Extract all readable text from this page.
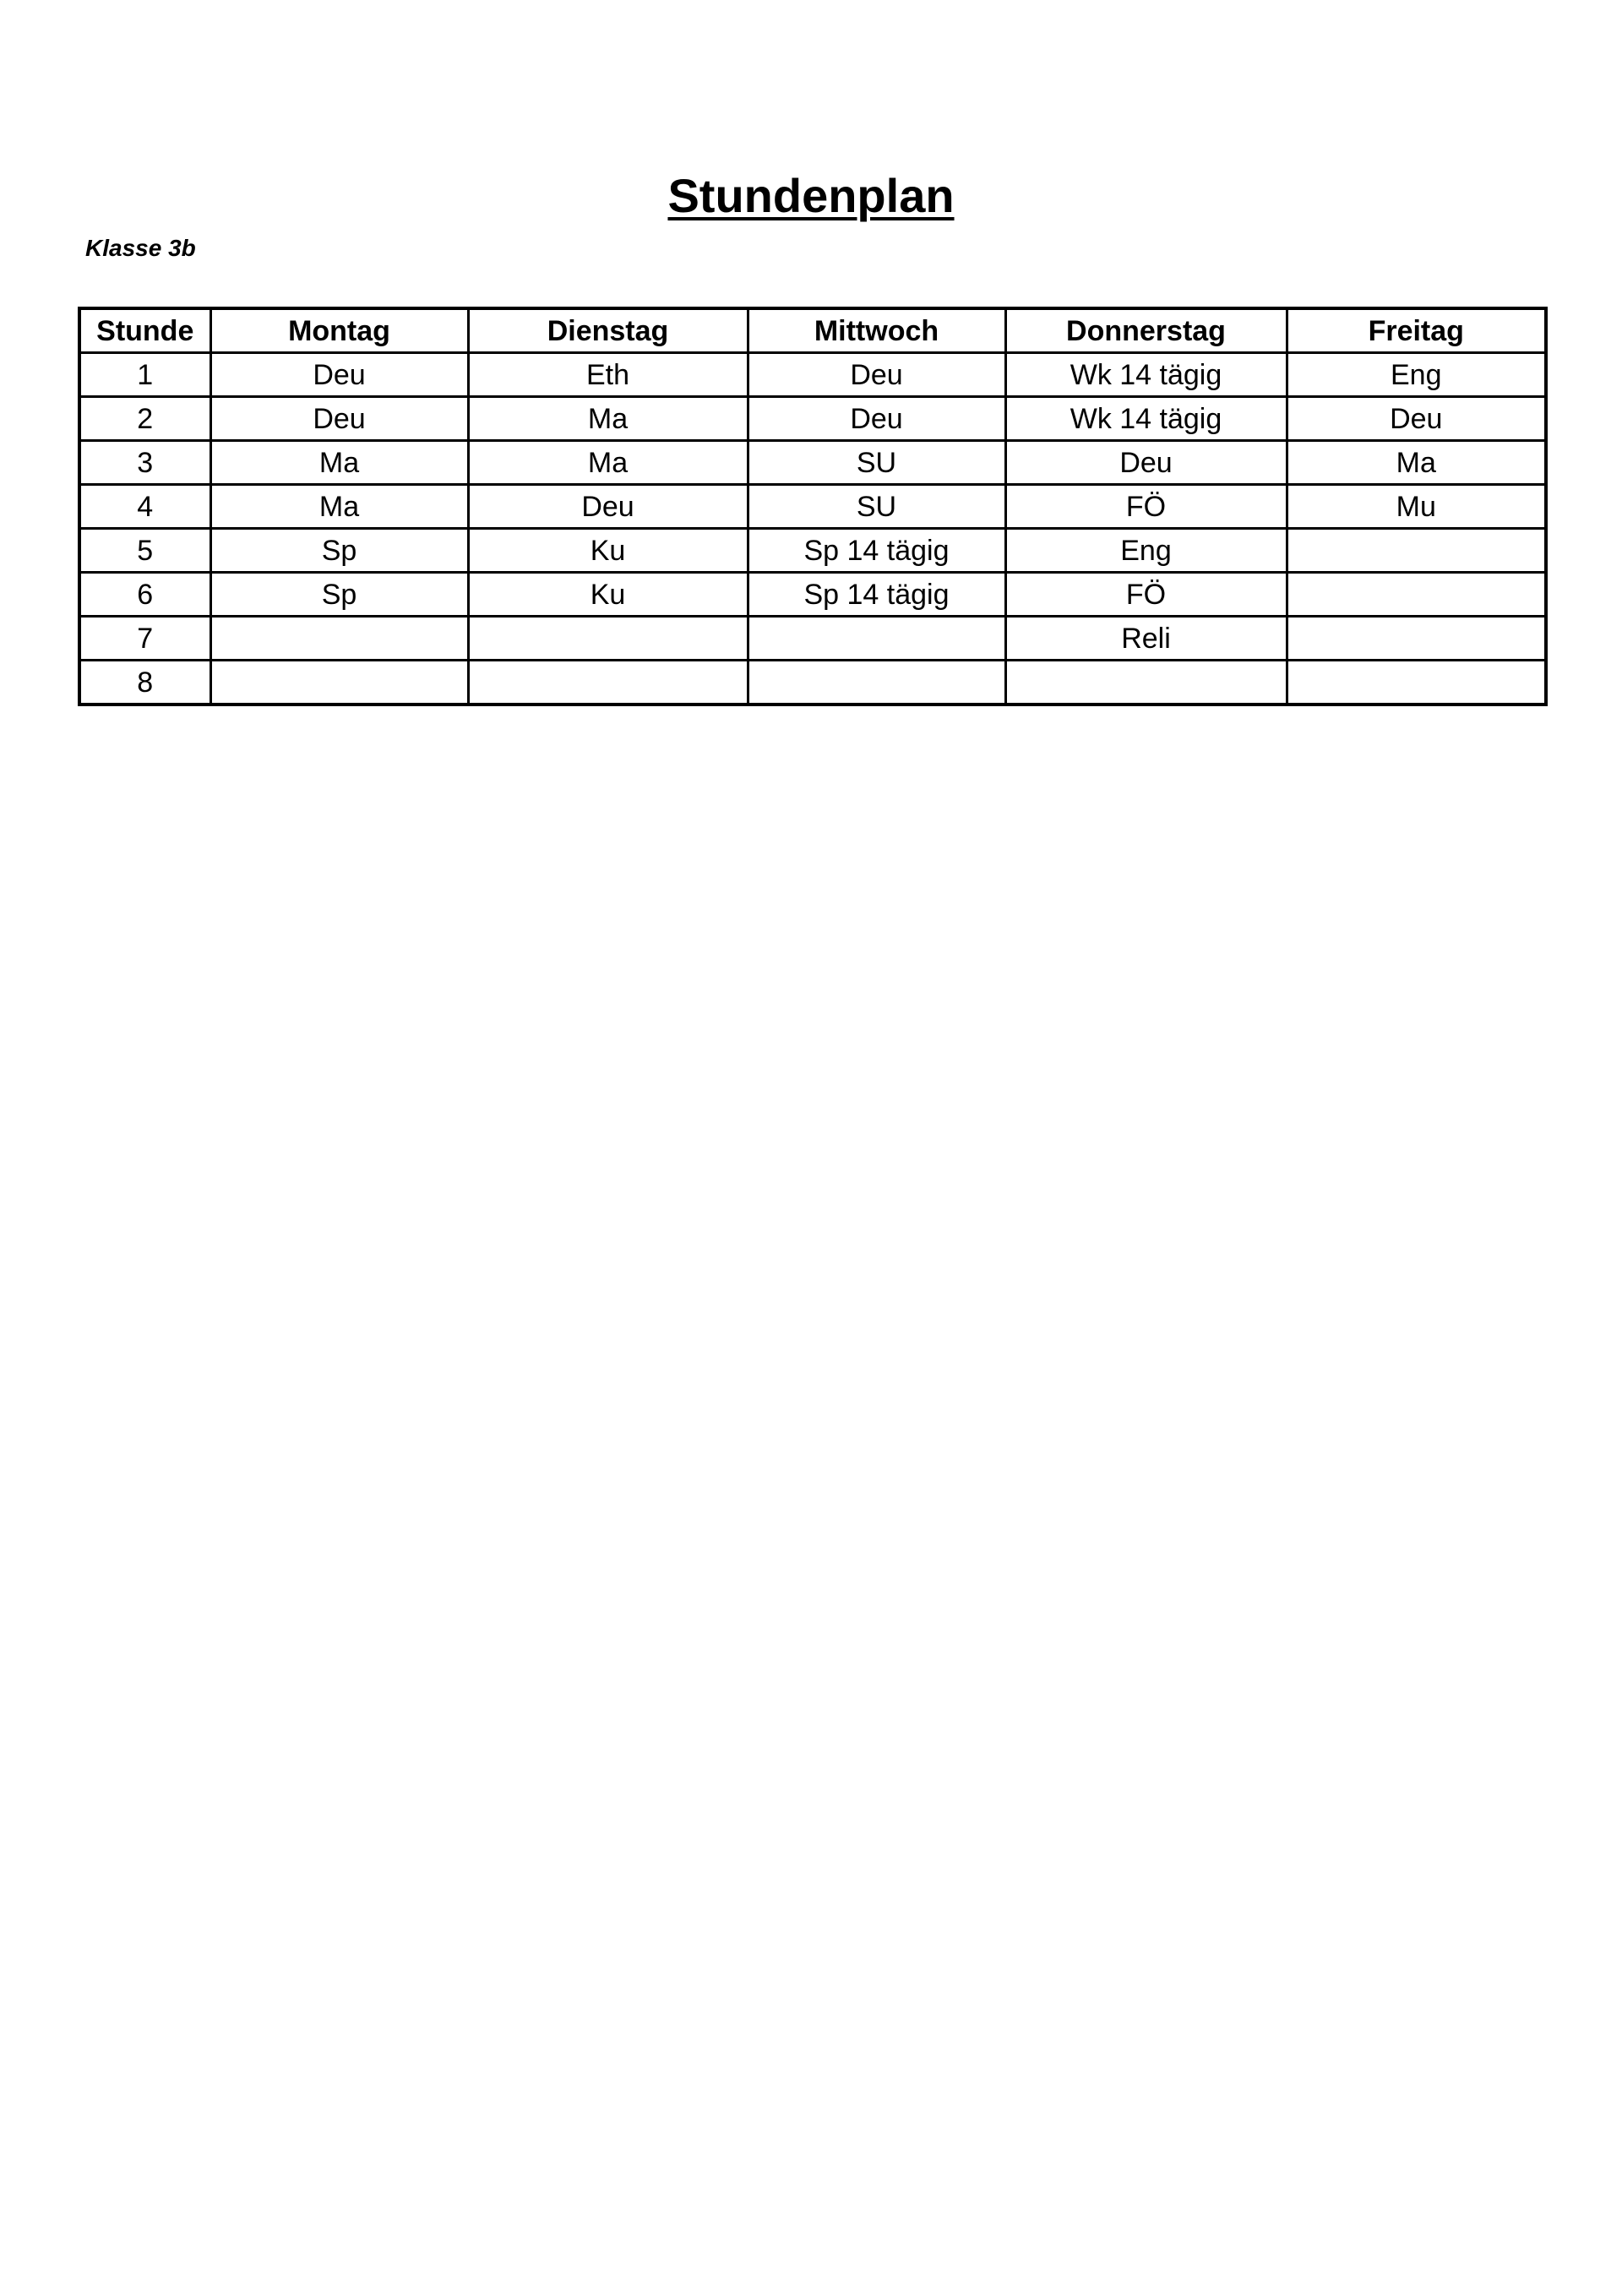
Stundenplan
Klasse 3b
Stunde	Montag	Dienstag	Mittwoch	Donnerstag	Freitag
1	Deu	Eth	Deu	Wk 14 tägig	Eng
2	Deu	Ma	Deu	Wk 14 tägig	Deu
3	Ma	Ma	SU	Deu	Ma
4	Ma	Deu	SU	FÖ	Mu
5	Sp	Ku	Sp 14 tägig	Eng	
6	Sp	Ku	Sp 14 tägig	FÖ	
7				Reli	
8					
